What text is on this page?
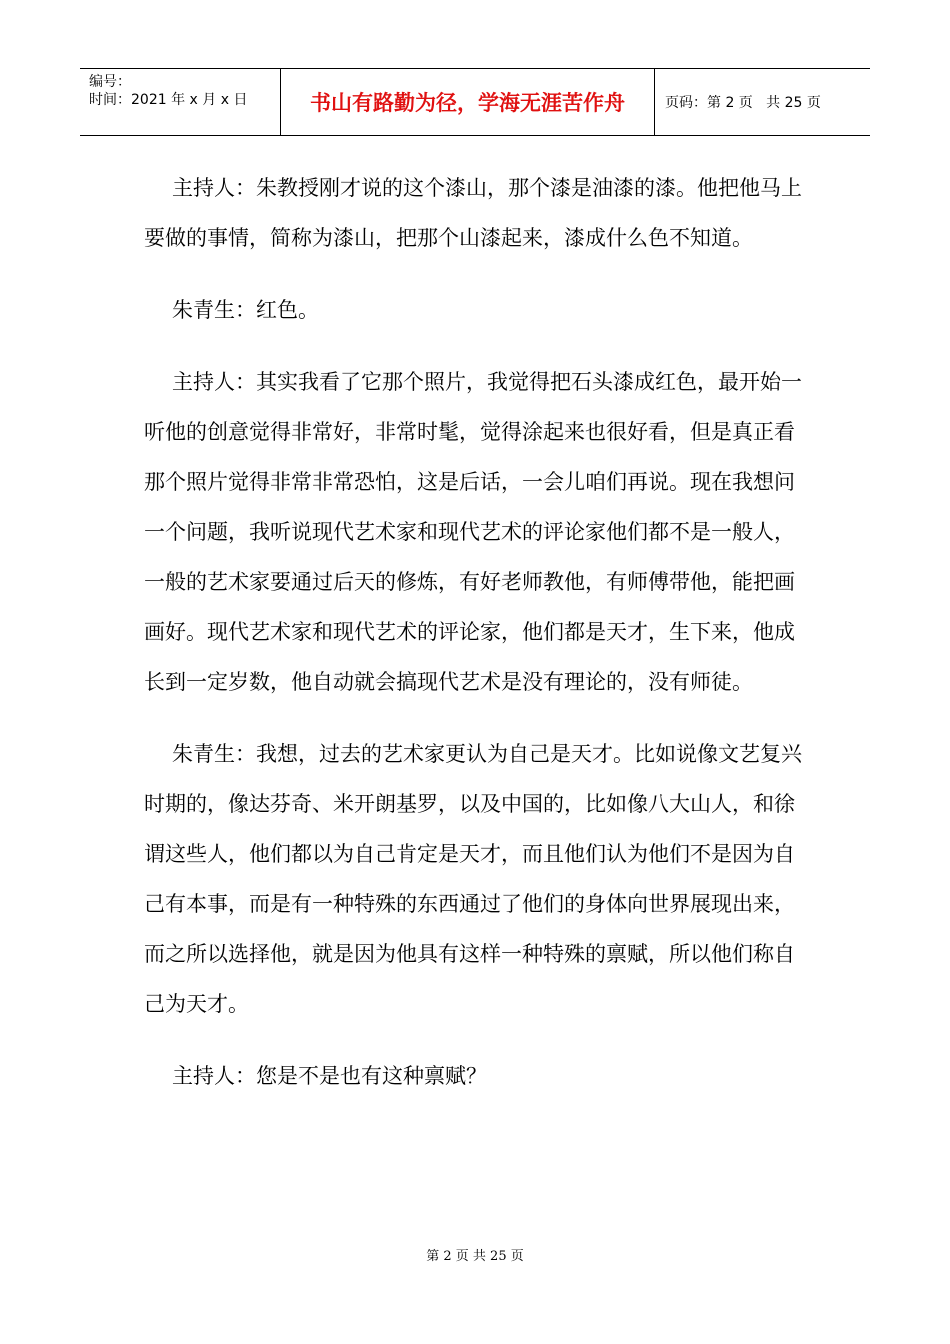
编号：
时间：2021 年 x 月 x 日	书山有路勤为径，学海无涯苦作舟	页码：第 2 页   共 25 页

主持人：朱教授刚才说的这个漆山，那个漆是油漆的漆。他把他马上要做的事情，简称为漆山，把那个山漆起来，漆成什么色不知道。

朱青生：红色。

主持人：其实我看了它那个照片，我觉得把石头漆成红色，最开始一听他的创意觉得非常好，非常时髦，觉得涂起来也很好看，但是真正看那个照片觉得非常非常恐怕，这是后话，一会儿咱们再说。现在我想问一个问题，我听说现代艺术家和现代艺术的评论家他们都不是一般人，一般的艺术家要通过后天的修炼，有好老师教他，有师傅带他，能把画画好。现代艺术家和现代艺术的评论家，他们都是天才，生下来，他成长到一定岁数，他自动就会搞现代艺术是没有理论的，没有师徒。

朱青生：我想，过去的艺术家更认为自己是天才。比如说像文艺复兴时期的，像达芬奇、米开朗基罗，以及中国的，比如像八大山人，和徐谓这些人，他们都以为自己肯定是天才，而且他们认为他们不是因为自己有本事，而是有一种特殊的东西通过了他们的身体向世界展现出来，而之所以选择他，就是因为他具有这样一种特殊的禀赋，所以他们称自己为天才。

主持人：您是不是也有这种禀赋？

第 2 页 共 25 页
